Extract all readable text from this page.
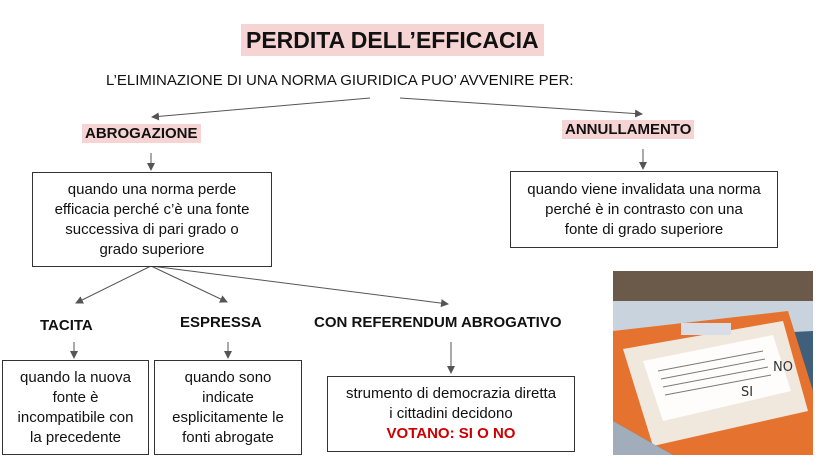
PERDITA DELL’EFFICACIA
L’ELIMINAZIONE DI UNA NORMA GIURIDICA PUO’ AVVENIRE PER:
ABROGAZIONE	ANNULLAMENTO
quando una norma perde
efficacia perché c’è una fonte
successiva di pari grado o
grado superiore
quando viene invalidata una norma
perché è in contrasto con una
fonte di grado superiore
TACITA	ESPRESSA	CON REFERENDUM ABROGATIVO
quando la nuova
fonte è
incompatibile con
la precedente
quando sono
indicate
esplicitamente le
fonti abrogate
strumento di democrazia diretta
i cittadini decidono
VOTANO: SI O NO
SI
NO
